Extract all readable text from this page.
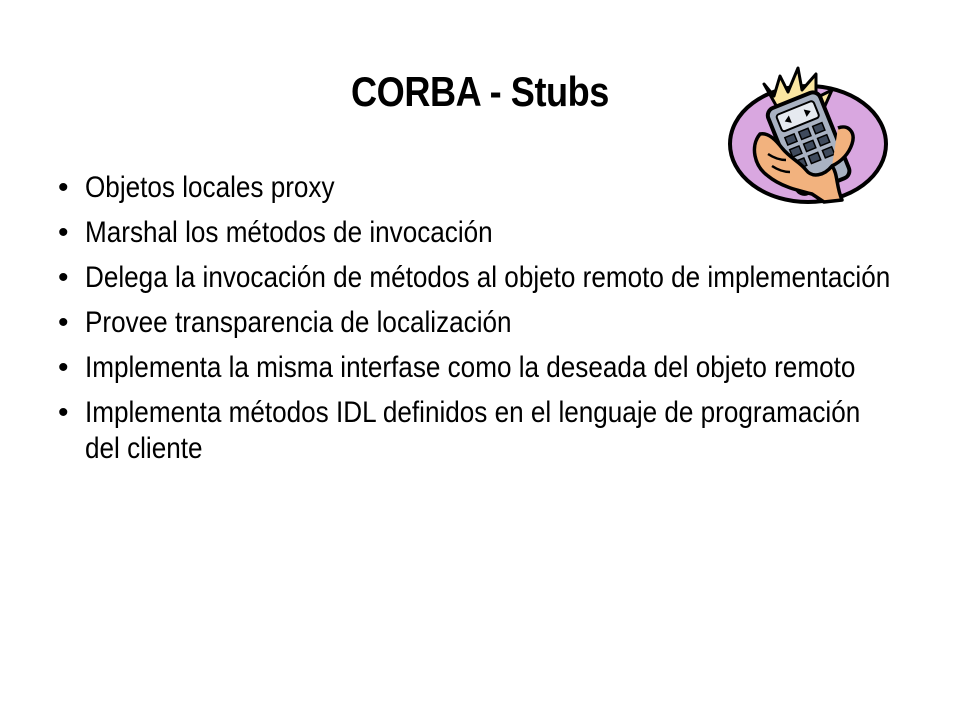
CORBA - Stubs
• Objetos locales proxy
• Marshal los métodos de invocación
• Delega la invocación de métodos al objeto remoto de implementación
• Provee transparencia de localización
• Implementa la misma interfase como la deseada del objeto remoto
• Implementa métodos IDL definidos en el lenguaje de programación del cliente
